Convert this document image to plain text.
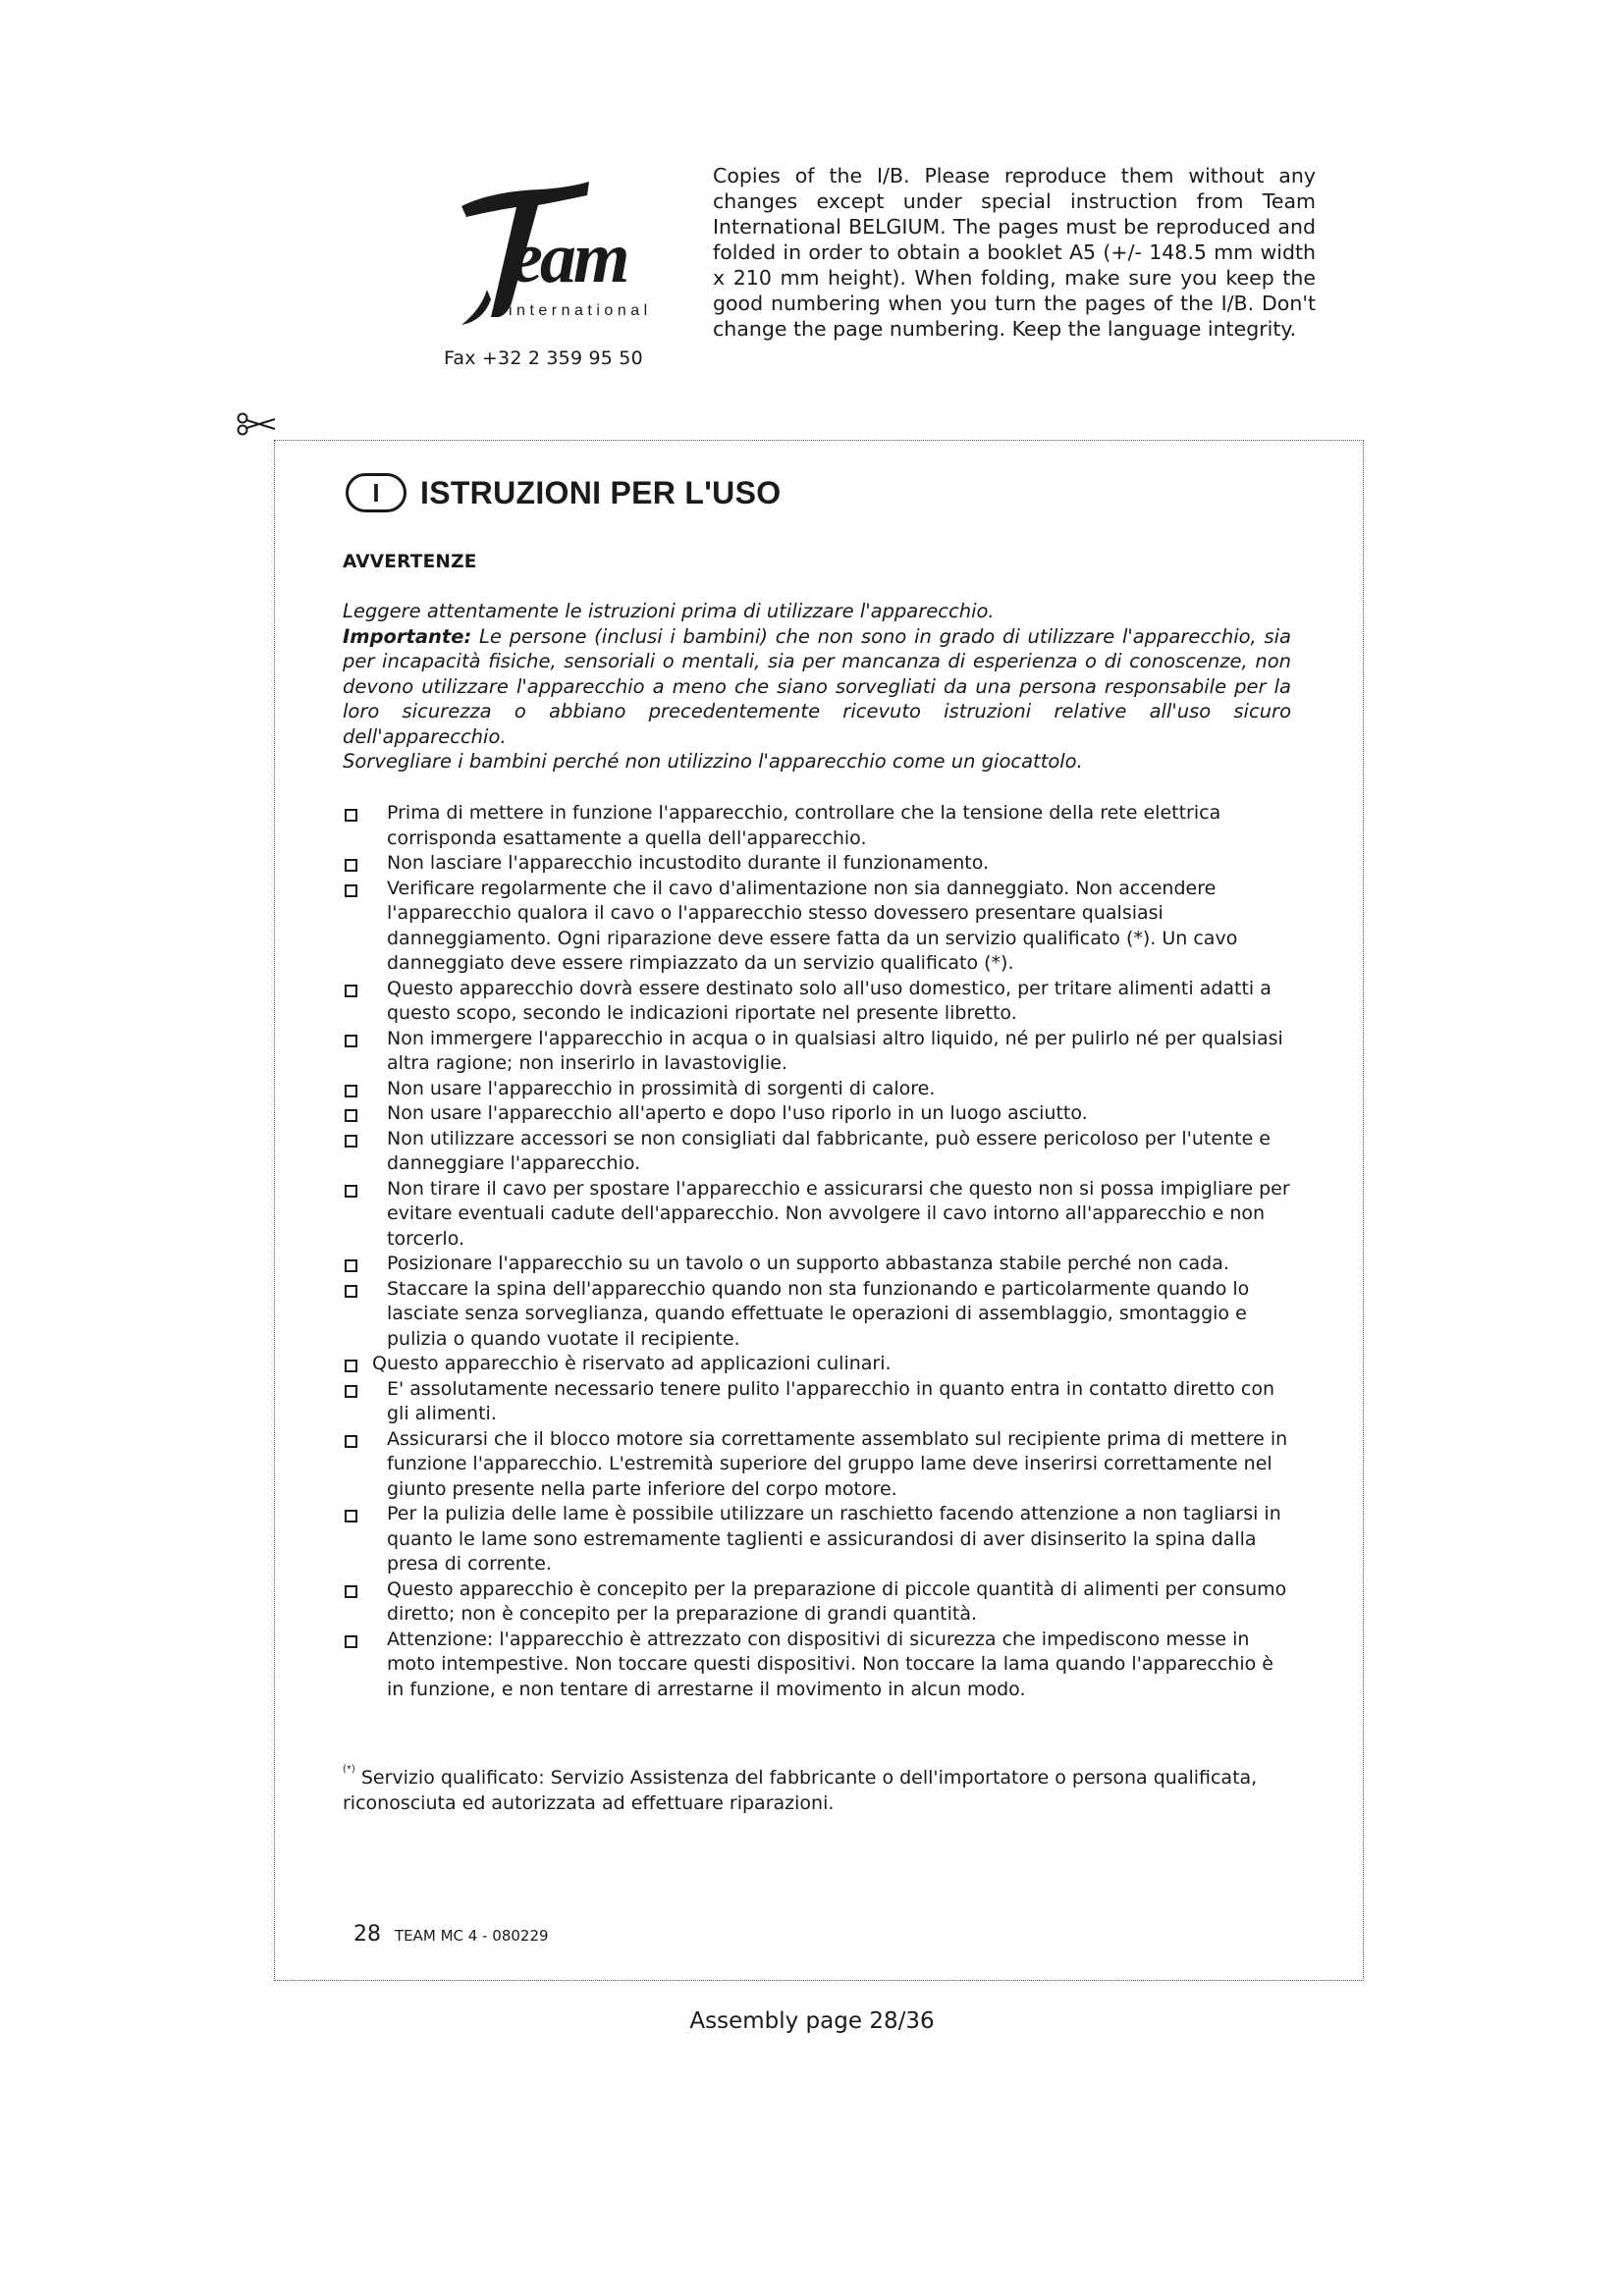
eam
international
Fax +32 2 359 95 50
Copies of the I/B. Please reproduce them without any changes except under special instruction from Team International BELGIUM. The pages must be reproduced and folded in order to obtain a booklet A5 (+/- 148.5 mm width x 210 mm height). When folding, make sure you keep the good numbering when you turn the pages of the I/B. Don't change the page numbering. Keep the language integrity.
I	ISTRUZIONI PER L'USO
AVVERTENZE

Leggere attentamente le istruzioni prima di utilizzare l'apparecchio.

Importante: Le persone (inclusi i bambini) che non sono in grado di utilizzare l'apparecchio, sia per incapacità fisiche, sensoriali o mentali, sia per mancanza di esperienza o di conoscenze, non devono utilizzare l'apparecchio a meno che siano sorvegliati da una persona responsabile per la loro sicurezza o abbiano precedentemente ricevuto istruzioni relative all'uso sicuro dell'apparecchio.

Sorvegliare i bambini perché non utilizzino l'apparecchio come un giocattolo.

Prima di mettere in funzione l'apparecchio, controllare che la tensione della rete elettrica corrisponda esattamente a quella dell'apparecchio.
Non lasciare l'apparecchio incustodito durante il funzionamento.
Verificare regolarmente che il cavo d'alimentazione non sia danneggiato. Non accendere l'apparecchio qualora il cavo o l'apparecchio stesso dovessero presentare qualsiasi danneggiamento. Ogni riparazione deve essere fatta da un servizio qualificato (*). Un cavo danneggiato deve essere rimpiazzato da un servizio qualificato (*).
Questo apparecchio dovrà essere destinato solo all'uso domestico, per tritare alimenti adatti a questo scopo, secondo le indicazioni riportate nel presente libretto.
Non immergere l'apparecchio in acqua o in qualsiasi altro liquido, né per pulirlo né per qualsiasi altra ragione; non inserirlo in lavastoviglie.
Non usare l'apparecchio in prossimità di sorgenti di calore.
Non usare l'apparecchio all'aperto e dopo l'uso riporlo in un luogo asciutto.
Non utilizzare accessori se non consigliati dal fabbricante, può essere pericoloso per l'utente e danneggiare l'apparecchio.
Non tirare il cavo per spostare l'apparecchio e assicurarsi che questo non si possa impigliare per evitare eventuali cadute dell'apparecchio. Non avvolgere il cavo intorno all'apparecchio e non torcerlo.
Posizionare l'apparecchio su un tavolo o un supporto abbastanza stabile perché non cada.
Staccare la spina dell'apparecchio quando non sta funzionando e particolarmente quando lo lasciate senza sorveglianza, quando effettuate le operazioni di assemblaggio, smontaggio e pulizia o quando vuotate il recipiente.
Questo apparecchio è riservato ad applicazioni culinari.
E' assolutamente necessario tenere pulito l'apparecchio in quanto entra in contatto diretto con gli alimenti.
Assicurarsi che il blocco motore sia correttamente assemblato sul recipiente prima di mettere in funzione l'apparecchio. L'estremità superiore del gruppo lame deve inserirsi correttamente nel giunto presente nella parte inferiore del corpo motore.
Per la pulizia delle lame è possibile utilizzare un raschietto facendo attenzione a non tagliarsi in quanto le lame sono estremamente taglienti e assicurandosi di aver disinserito la spina dalla presa di corrente.
Questo apparecchio è concepito per la preparazione di piccole quantità di alimenti per consumo diretto; non è concepito per la preparazione di grandi quantità.
Attenzione: l'apparecchio è attrezzato con dispositivi di sicurezza che impediscono messe in moto intempestive. Non toccare questi dispositivi. Non toccare la lama quando l'apparecchio è in funzione, e non tentare di arrestarne il movimento in alcun modo.
(*) Servizio qualificato: Servizio Assistenza del fabbricante o dell'importatore o persona qualificata, riconosciuta ed autorizzata ad effettuare riparazioni.
28 TEAM MC 4 - 080229
Assembly page 28/36
